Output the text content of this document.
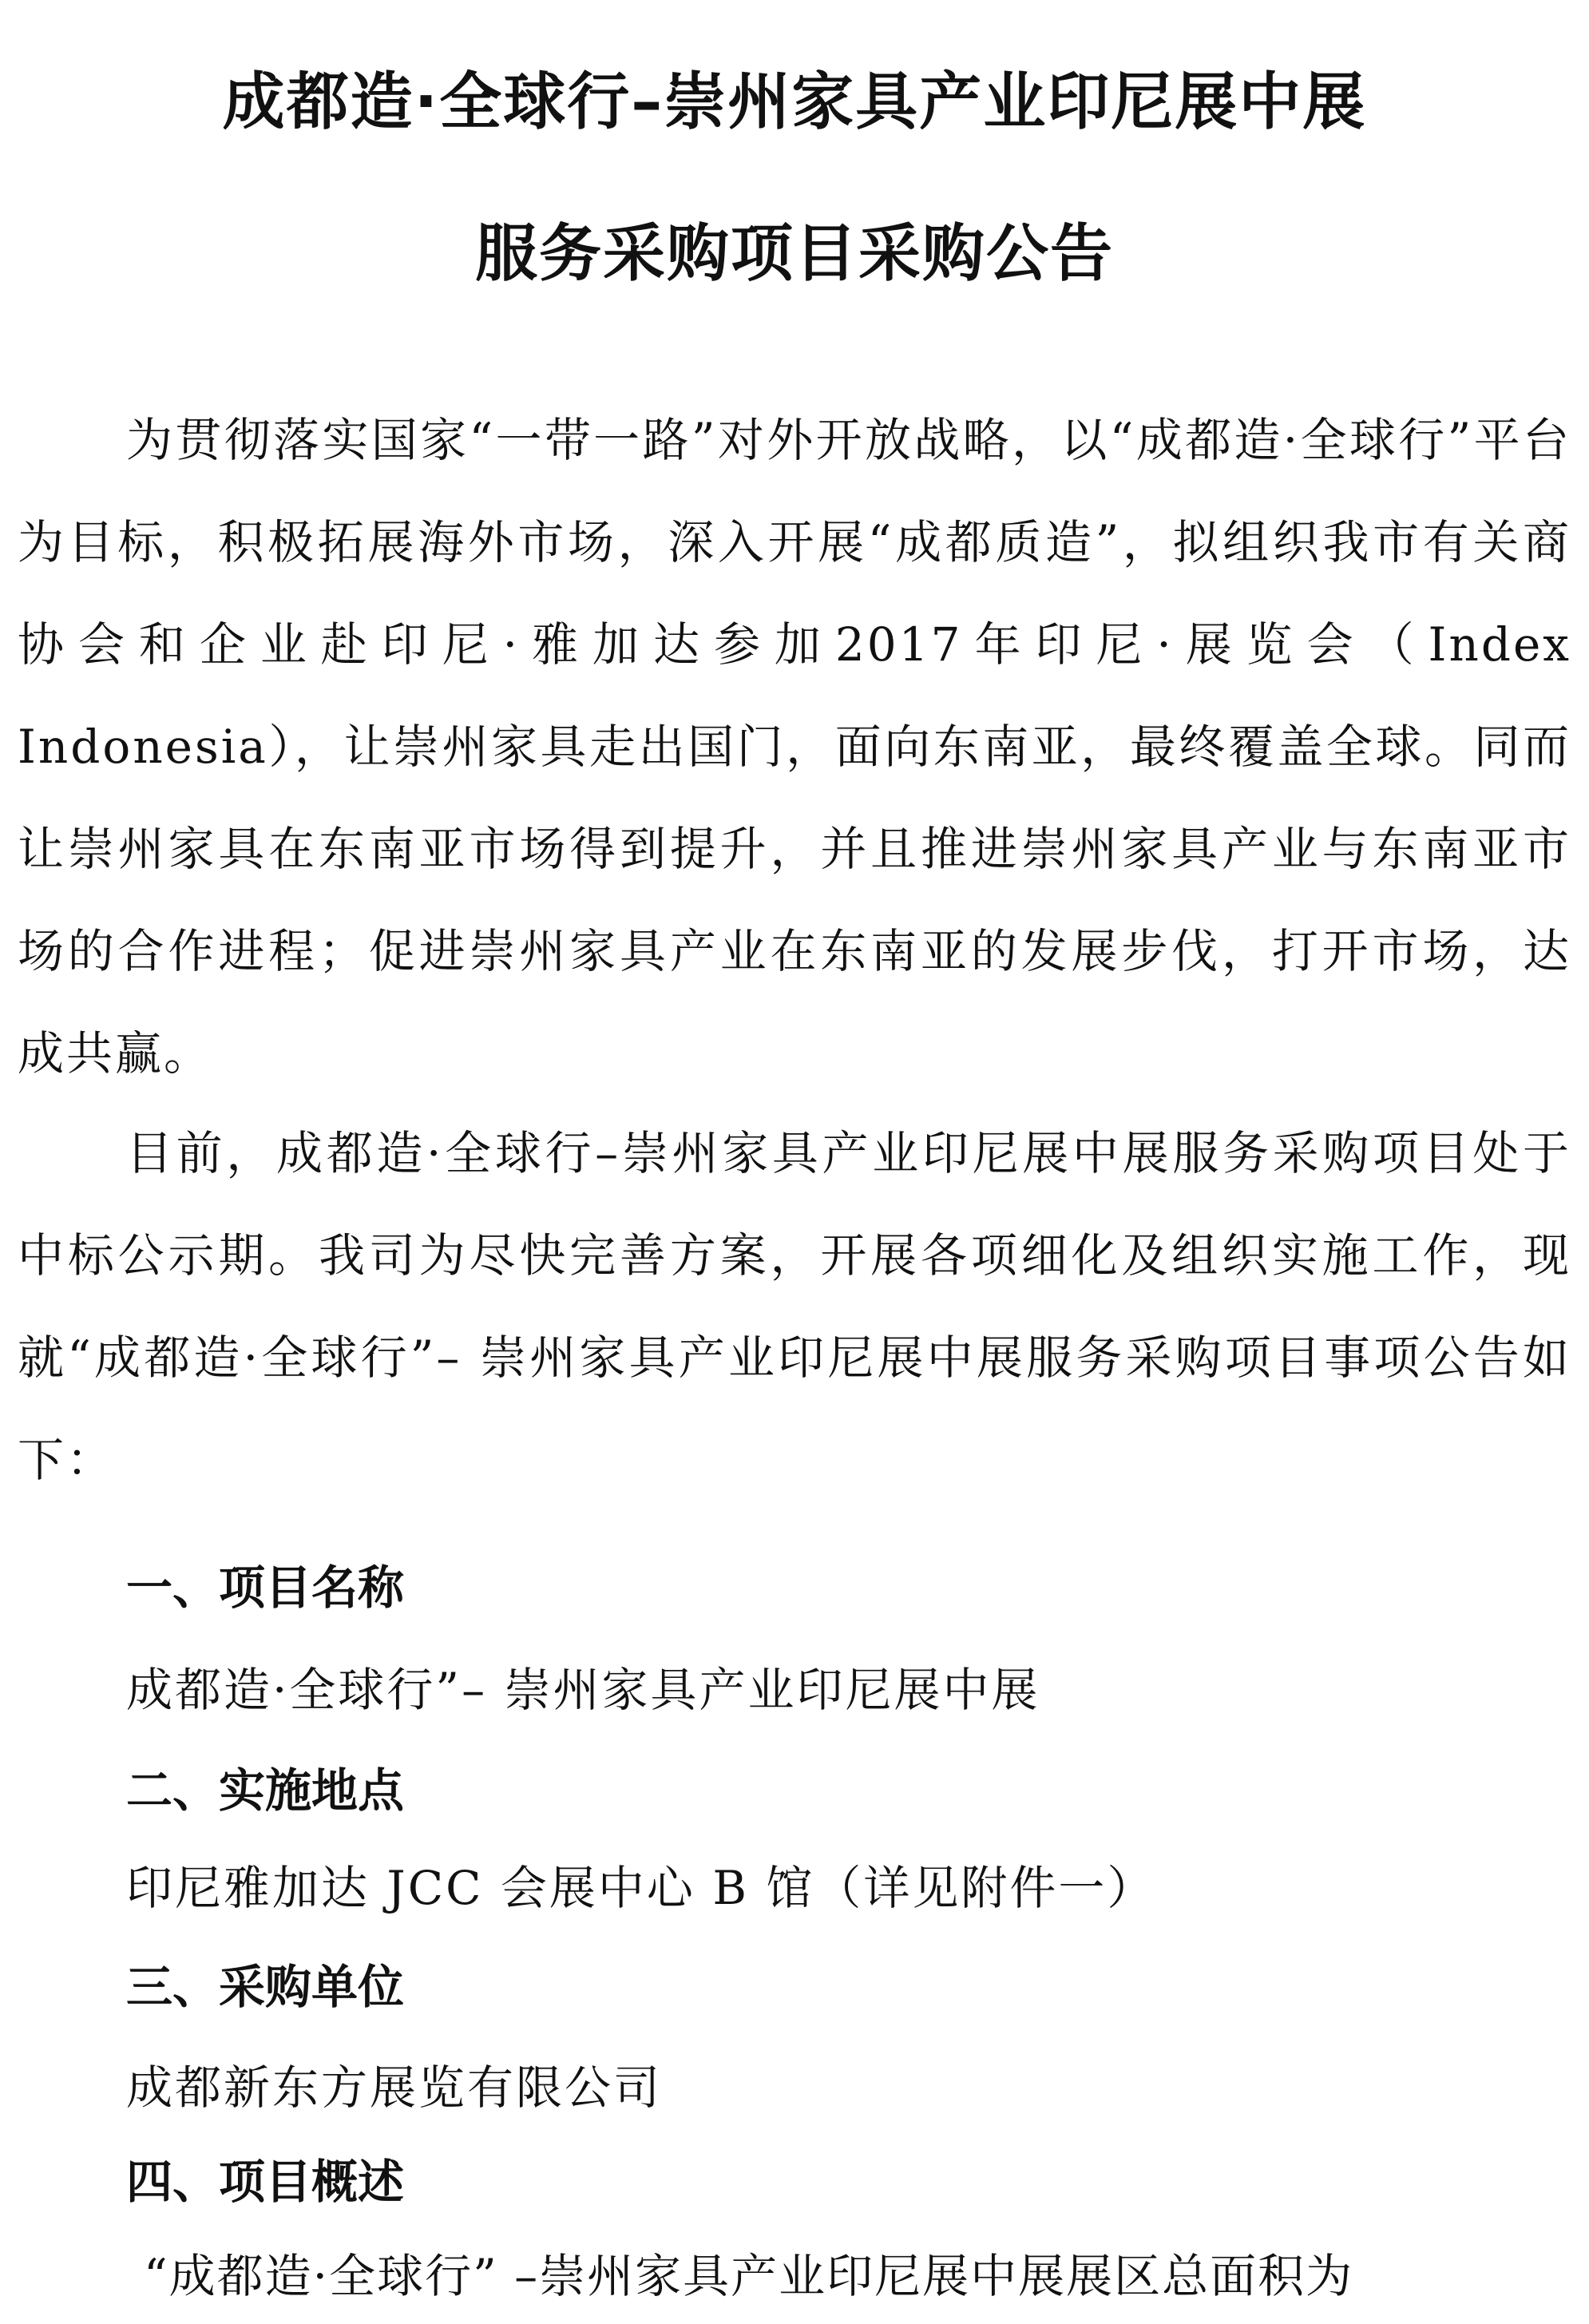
成都造·全球行–崇州家具产业印尼展中展
服务采购项目采购公告
为贯彻落实国家“一带一路”对外开放战略，以“成都造·全球行”平台为目标，积极拓展海外市场，深入开展“成都质造”，拟组织我市有关商协会和企业赴印尼·雅加达参加2017年印尼·展览会（Index Indonesia），让崇州家具走出国门，面向东南亚，最终覆盖全球。同而让崇州家具在东南亚市场得到提升，并且推进崇州家具产业与东南亚市场的合作进程；促进崇州家具产业在东南亚的发展步伐，打开市场，达成共赢。
目前，成都造·全球行–崇州家具产业印尼展中展服务采购项目处于中标公示期。我司为尽快完善方案，开展各项细化及组织实施工作，现就“成都造·全球行”– 崇州家具产业印尼展中展服务采购项目事项公告如下：
一、项目名称
成都造·全球行”– 崇州家具产业印尼展中展
二、实施地点
印尼雅加达 JCC 会展中心 B 馆（详见附件一）
三、采购单位
成都新东方展览有限公司
四、项目概述
“成都造·全球行” –崇州家具产业印尼展中展展区总面积为
